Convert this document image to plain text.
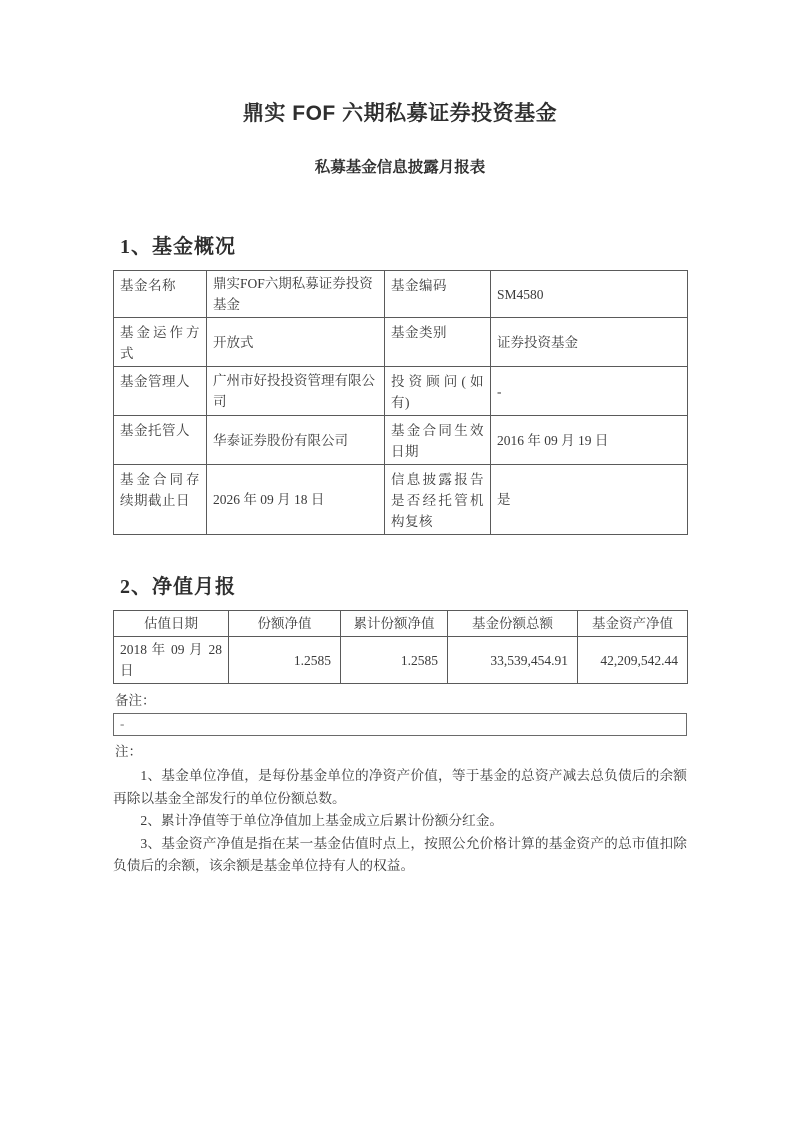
鼎实 FOF 六期私募证券投资基金
私募基金信息披露月报表
1、基金概况
基金名称	鼎实FOF六期私募证券投资基金	基金编码	SM4580
基金运作方式	开放式	基金类别	证券投资基金
基金管理人	广州市好投投资管理有限公司	投资顾问(如有)	-
基金托管人	华泰证券股份有限公司	基金合同生效日期	2016 年 09 月 19 日
基金合同存续期截止日	2026 年 09 月 18 日	信息披露报告是否经托管机构复核	是
2、净值月报
估值日期	份额净值	累计份额净值	基金份额总额	基金资产净值
2018 年 09 月 28 日	1.2585	1.2585	33,539,454.91	42,209,542.44
备注：
-
注：

1、基金单位净值，是每份基金单位的净资产价值，等于基金的总资产减去总负债后的余额再除以基金全部发行的单位份额总数。

2、累计净值等于单位净值加上基金成立后累计份额分红金。

3、基金资产净值是指在某一基金估值时点上，按照公允价格计算的基金资产的总市值扣除负债后的余额，该余额是基金单位持有人的权益。
